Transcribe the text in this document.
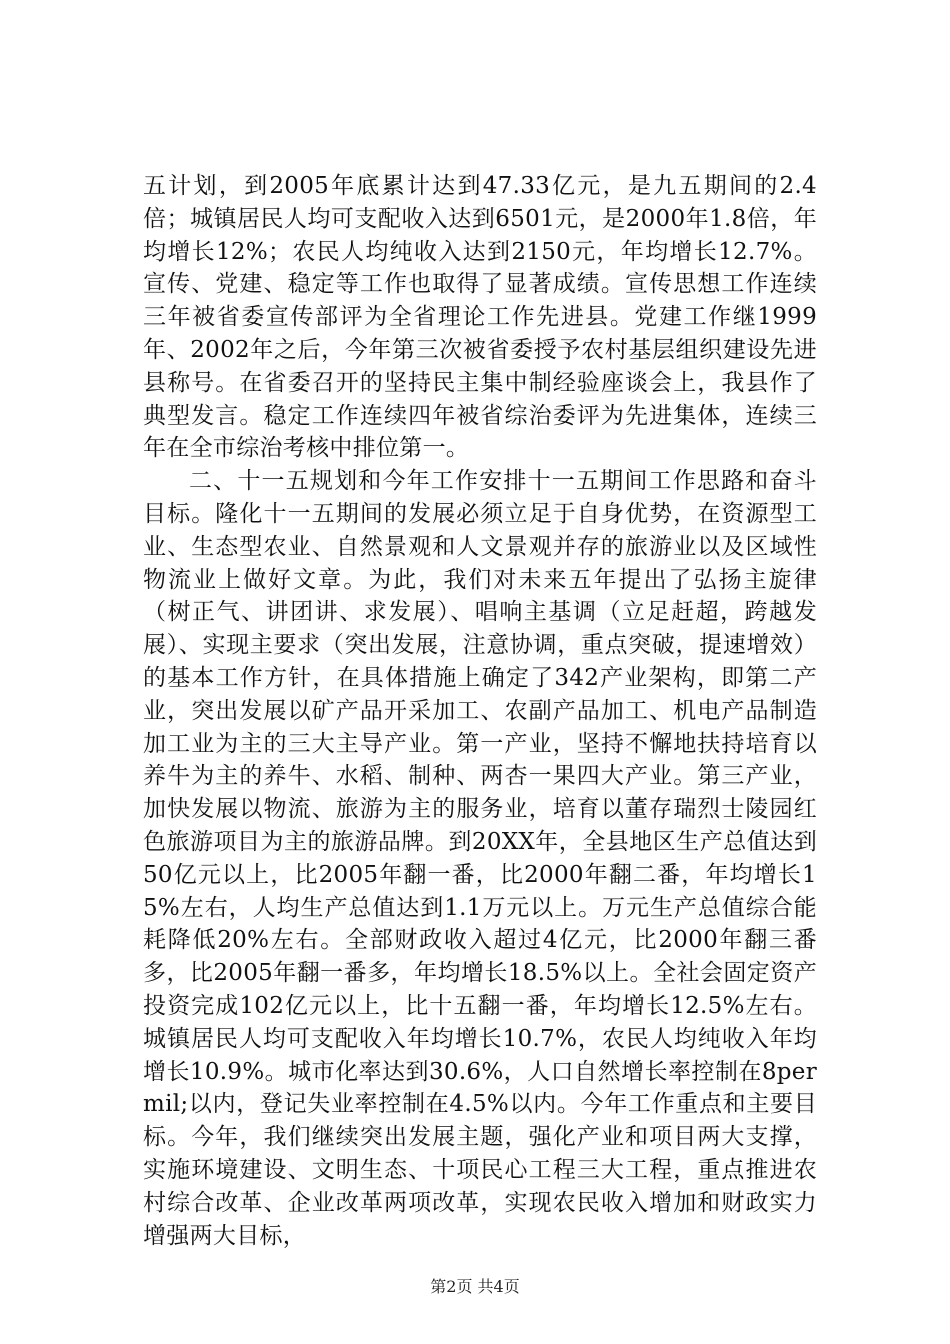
五计划，到2005年底累计达到47.33亿元，是九五期间的2.4倍；城镇居民人均可支配收入达到6501元，是2000年1.8倍，年均增长12%；农民人均纯收入达到2150元，年均增长12.7%。宣传、党建、稳定等工作也取得了显著成绩。宣传思想工作连续三年被省委宣传部评为全省理论工作先进县。党建工作继1999年、2002年之后，今年第三次被省委授予农村基层组织建设先进县称号。在省委召开的坚持民主集中制经验座谈会上，我县作了典型发言。稳定工作连续四年被省综治委评为先进集体，连续三年在全市综治考核中排位第一。

二、十一五规划和今年工作安排十一五期间工作思路和奋斗目标。隆化十一五期间的发展必须立足于自身优势，在资源型工业、生态型农业、自然景观和人文景观并存的旅游业以及区域性物流业上做好文章。为此，我们对未来五年提出了弘扬主旋律（树正气、讲团讲、求发展）、唱响主基调（立足赶超，跨越发展）、实现主要求（突出发展，注意协调，重点突破，提速增效）的基本工作方针，在具体措施上确定了342产业架构，即第二产业，突出发展以矿产品开采加工、农副产品加工、机电产品制造加工业为主的三大主导产业。第一产业，坚持不懈地扶持培育以养牛为主的养牛、水稻、制种、两杏一果四大产业。第三产业，加快发展以物流、旅游为主的服务业，培育以董存瑞烈士陵园红色旅游项目为主的旅游品牌。到20XX年，全县地区生产总值达到50亿元以上，比2005年翻一番，比2000年翻二番，年均增长15%左右，人均生产总值达到1.1万元以上。万元生产总值综合能耗降低20%左右。全部财政收入超过4亿元，比2000年翻三番多，比2005年翻一番多，年均增长18.5%以上。全社会固定资产投资完成102亿元以上，比十五翻一番，年均增长12.5%左右。城镇居民人均可支配收入年均增长10.7%，农民人均纯收入年均增长10.9%。城市化率达到30.6%，人口自然增长率控制在8permil;以内，登记失业率控制在4.5%以内。今年工作重点和主要目标。今年，我们继续突出发展主题，强化产业和项目两大支撑，实施环境建设、文明生态、十项民心工程三大工程，重点推进农村综合改革、企业改革两项改革，实现农民收入增加和财政实力增强两大目标，

第2页 共4页
